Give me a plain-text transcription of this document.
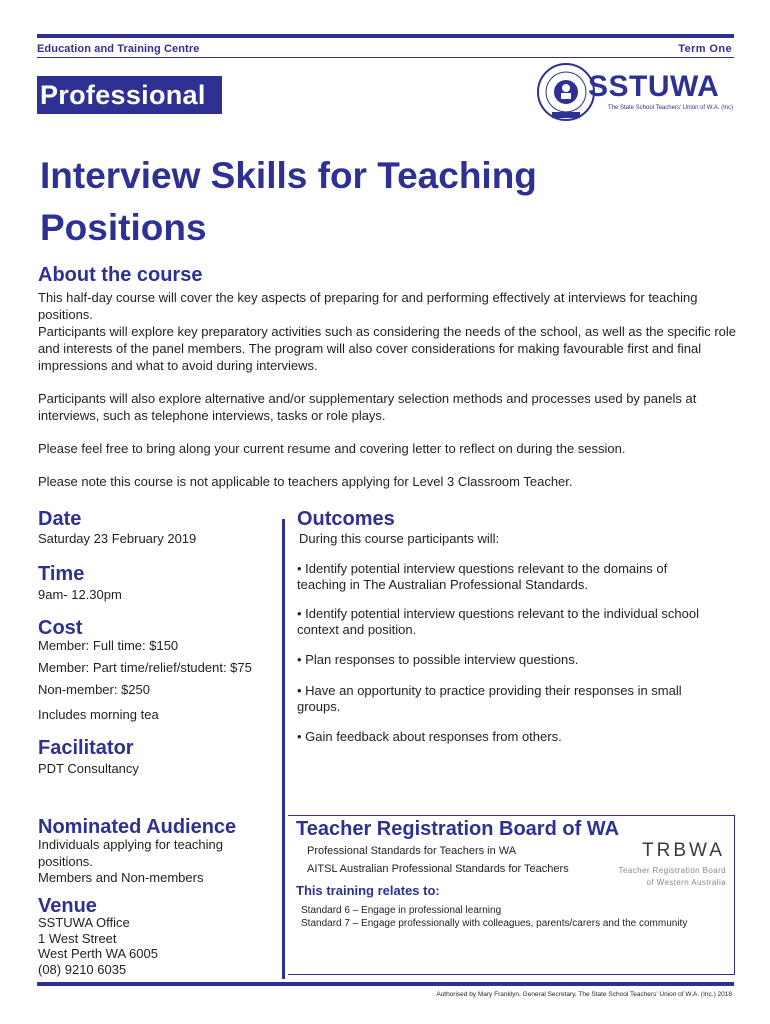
Education and Training Centre	Term One
Professional	SSTUWA
The State School Teachers' Union of W.A. (Inc)
Interview Skills for Teaching Positions
About the course

This half-day course will cover the key aspects of preparing for and performing effectively at interviews for teaching positions.
Participants will explore key preparatory activities such as considering the needs of the school, as well as the specific role and interests of the panel members. The program will also cover considerations for making favourable first and final impressions and what to avoid during interviews.

Participants will also explore alternative and/or supplementary selection methods and processes used by panels at interviews, such as telephone interviews, tasks or role plays.

Please feel free to bring along your current resume and covering letter to reflect on during the session.

Please note this course is not applicable to teachers applying for Level 3 Classroom Teacher.

Date
Saturday 23 February 2019
Time
9am- 12.30pm
Cost
Member: Full time: $150
Member: Part time/relief/student: $75
Non-member: $250
Includes morning tea
Facilitator
PDT Consultancy
Nominated Audience
Individuals applying for teaching positions.
Members and Non-members
Venue
SSTUWA Office
1 West Street
West Perth WA 6005
(08) 9210 6035
Outcomes
During this course participants will:
• Identify potential interview questions relevant to the domains of teaching in The Australian Professional Standards.
• Identify potential interview questions relevant to the individual school context and position.
• Plan responses to possible interview questions.
• Have an opportunity to practice providing their responses in small groups.
• Gain feedback about responses from others.
Teacher Registration Board of WA
Professional Standards for Teachers in WA
AITSL Australian Professional Standards for Teachers
TRBWA
Teacher Registration Board
of Western Australia
This training relates to:
Standard 6 – Engage in professional learning
Standard 7 – Engage professionally with colleagues, parents/carers and the community
Authorised by Mary Franklyn, General Secretary, The State School Teachers' Union of W.A. (Inc.) 2018
